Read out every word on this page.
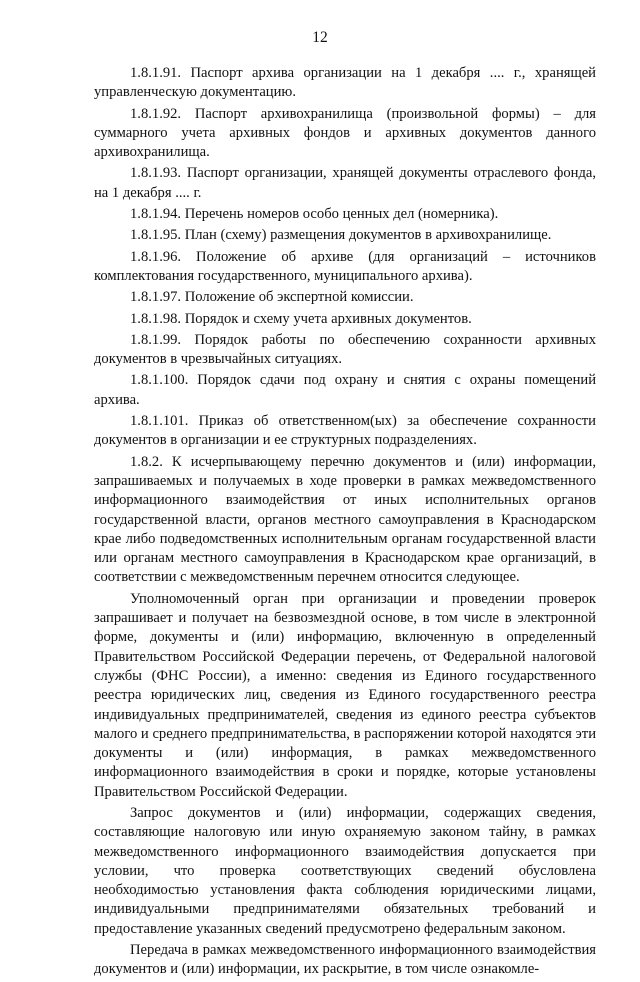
12

1.8.1.91. Паспорт архива организации на 1 декабря .... г., хранящей управленческую документацию.

1.8.1.92. Паспорт архивохранилища (произвольной формы) – для суммарного учета архивных фондов и архивных документов данного архивохранилища.

1.8.1.93. Паспорт организации, хранящей документы отраслевого фонда, на 1 декабря .... г.

1.8.1.94. Перечень номеров особо ценных дел (номерника).

1.8.1.95. План (схему) размещения документов в архивохранилище.

1.8.1.96. Положение об архиве (для организаций – источников комплектования государственного, муниципального архива).

1.8.1.97. Положение об экспертной комиссии.

1.8.1.98. Порядок и схему учета архивных документов.

1.8.1.99. Порядок работы по обеспечению сохранности архивных документов в чрезвычайных ситуациях.

1.8.1.100. Порядок сдачи под охрану и снятия с охраны помещений архива.

1.8.1.101. Приказ об ответственном(ых) за обеспечение сохранности документов в организации и ее структурных подразделениях.

1.8.2. К исчерпывающему перечню документов и (или) информации, запрашиваемых и получаемых в ходе проверки в рамках межведомственного информационного взаимодействия от иных исполнительных органов государственной власти, органов местного самоуправления в Краснодарском крае либо подведомственных исполнительным органам государственной власти или органам местного самоуправления в Краснодарском крае организаций, в соответствии с межведомственным перечнем относится следующее.

Уполномоченный орган при организации и проведении проверок запрашивает и получает на безвозмездной основе, в том числе в электронной форме, документы и (или) информацию, включенную в определенный Правительством Российской Федерации перечень, от Федеральной налоговой службы (ФНС России), а именно: сведения из Единого государственного реестра юридических лиц, сведения из Единого государственного реестра индивидуальных предпринимателей, сведения из единого реестра субъектов малого и среднего предпринимательства, в распоряжении которой находятся эти документы и (или) информация, в рамках межведомственного информационного взаимодействия в сроки и порядке, которые установлены Правительством Российской Федерации.

Запрос документов и (или) информации, содержащих сведения, составляющие налоговую или иную охраняемую законом тайну, в рамках межведомственного информационного взаимодействия допускается при условии, что проверка соответствующих сведений обусловлена необходимостью установления факта соблюдения юридическими лицами, индивидуальными предпринимателями обязательных требований и предоставление указанных сведений предусмотрено федеральным законом.

Передача в рамках межведомственного информационного взаимодействия документов и (или) информации, их раскрытие, в том числе ознакомле-
